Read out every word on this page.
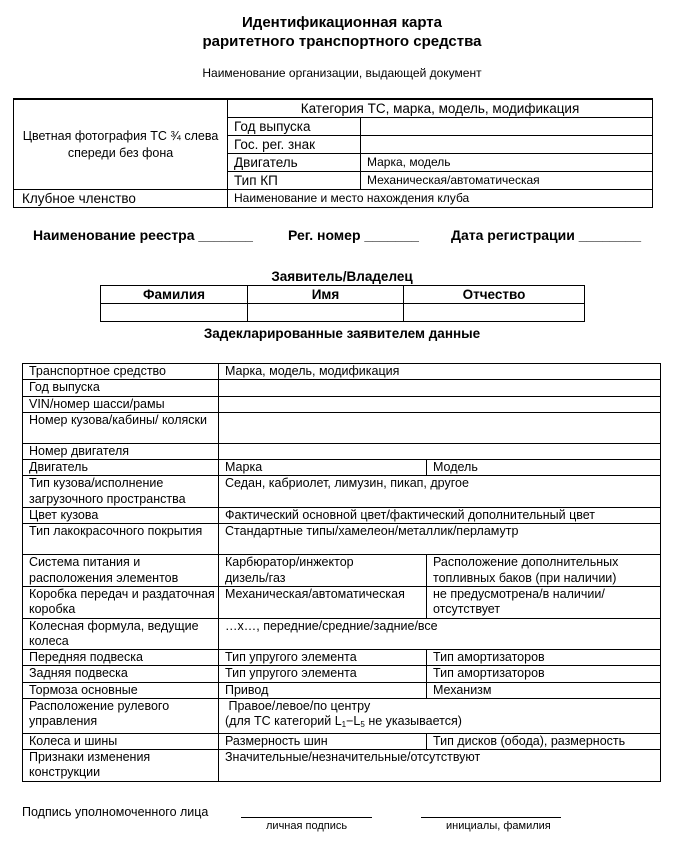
Идентификационная карта
раритетного транспортного средства
Наименование организации, выдающей документ
Цветная фотография ТС ¾ слева спереди без фона	Категория ТС, марка, модель, модификация	
	Год выпуска	
	Гос. рег. знак	
	Двигатель	Марка, модель
	Тип КП	Механическая/автоматическая
Клубное членство	Наименование и место нахождения клуба	
Наименование реестра _______	Рег. номер _______ Дата регистрации ________
Заявитель/Владелец
Фамилия	Имя	Отчество

Задекларированные заявителем данные
Транспортное средство	Марка, модель, модификация	
Год выпуска		
VIN/номер шасси/рамы		
Номер кузова/кабины/ коляски		
Номер двигателя		
Двигатель	Марка	Модель
Тип кузова/исполнение загрузочного пространства	Седан, кабриолет, лимузин, пикап, другое	
Цвет кузова	Фактический основной цвет/фактический дополнительный цвет	
Тип лакокрасочного покрытия	Стандартные типы/хамелеон/металлик/перламутр	
Система питания и расположения элементов	Карбюратор/инжектор дизель/газ	Расположение дополнительных топливных баков (при наличии)
Коробка передач и раздаточная коробка	Механическая/автоматическая	не предусмотрена/в наличии/ отсутствует
Колесная формула, ведущие колеса	…х…, передние/средние/задние/все	
Передняя подвеска	Тип упругого элемента	Тип амортизаторов
Задняя подвеска	Тип упругого элемента	Тип амортизаторов
Тормоза основные	Привод	Механизм
Расположение рулевого управления	Правое/левое/по центру
(для ТС категорий $L_1-L_5$ не указывается)	

Колеса и шины	Размерность шин	Тип дисков (обода), размерность
Признаки изменения конструкции	Значительные/незначительные/отсутствуют	
Подпись уполномоченного лица
личная подпись	инициалы, фамилия
